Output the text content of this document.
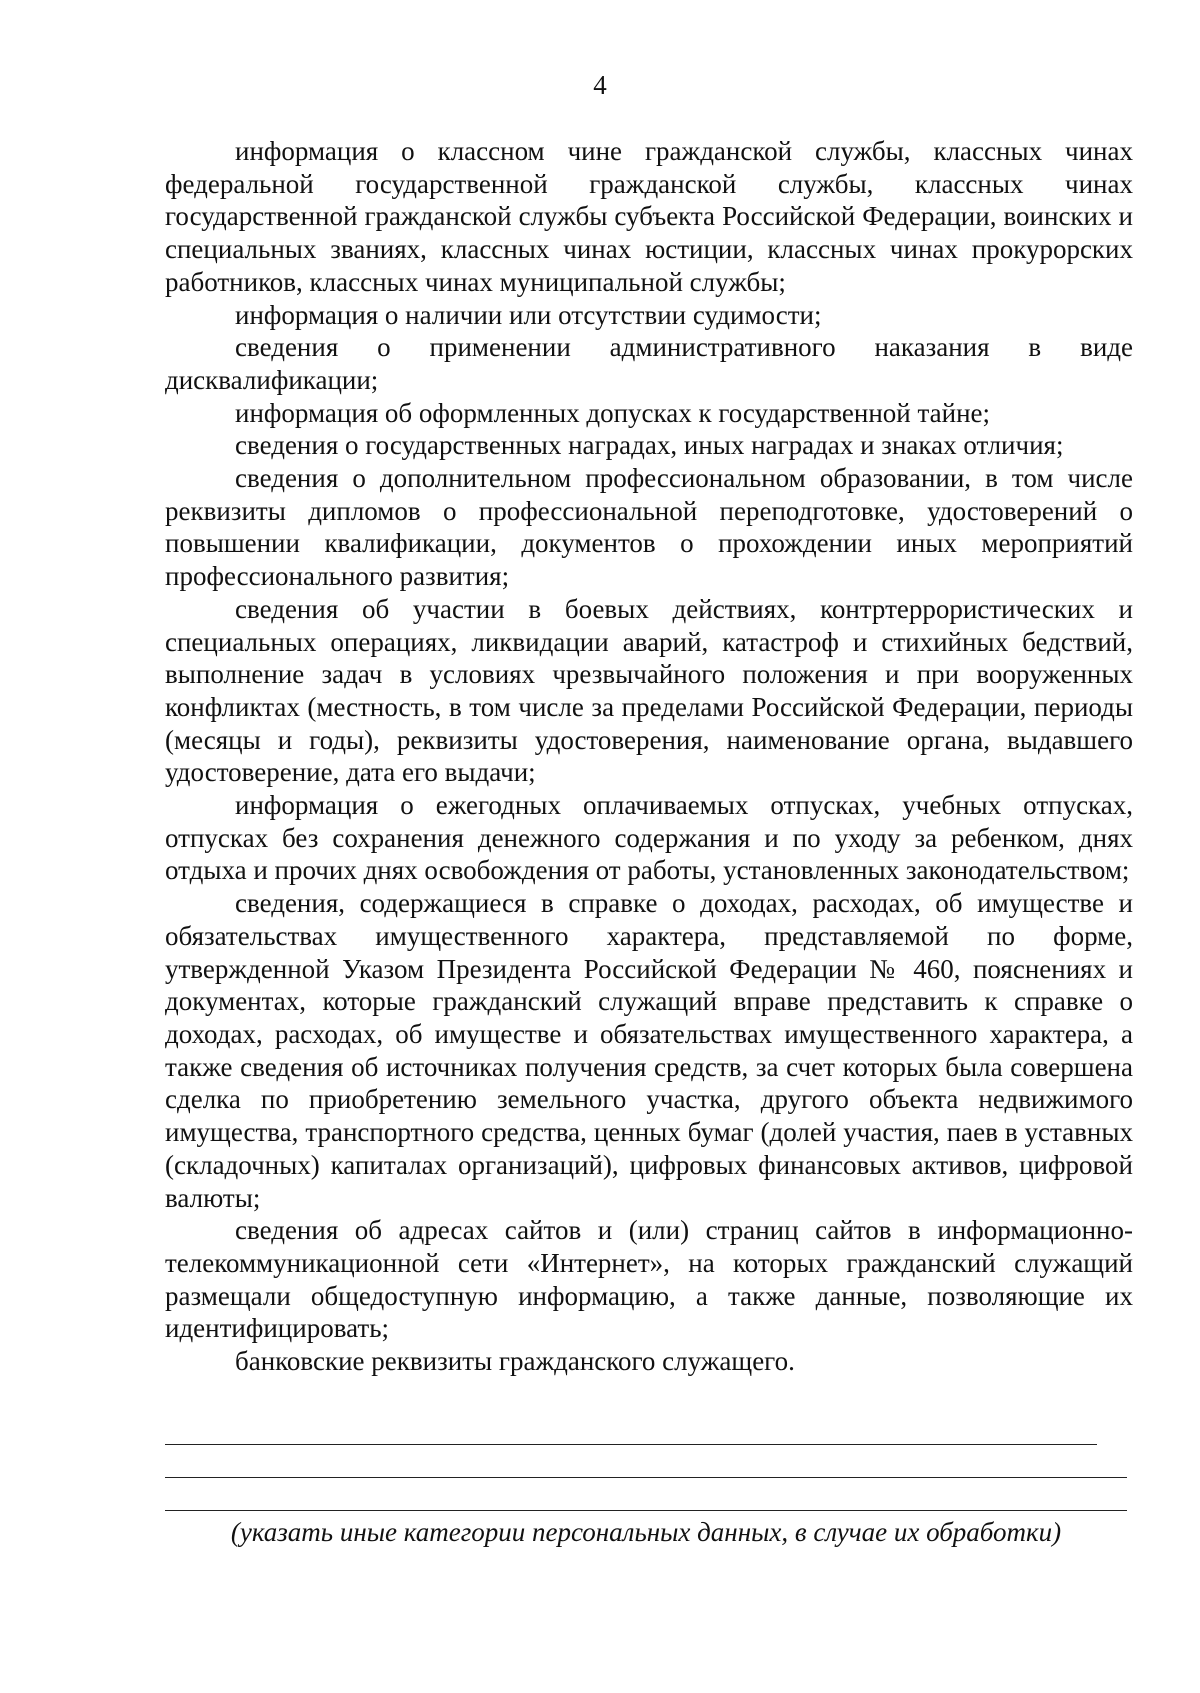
4

информация о классном чине гражданской службы, классных чинах федеральной государственной гражданской службы, классных чинах государственной гражданской службы субъекта Российской Федерации, воинских и специальных званиях, классных чинах юстиции, классных чинах прокурорских работников, классных чинах муниципальной службы;

информация о наличии или отсутствии судимости;

сведения о применении административного наказания в виде дисквалификации;

информация об оформленных допусках к государственной тайне;

сведения о государственных наградах, иных наградах и знаках отличия;

сведения о дополнительном профессиональном образовании, в том числе реквизиты дипломов о профессиональной переподготовке, удостоверений о повышении квалификации, документов о прохождении иных мероприятий профессионального развития;

сведения об участии в боевых действиях, контртеррористических и специальных операциях, ликвидации аварий, катастроф и стихийных бедствий, выполнение задач в условиях чрезвычайного положения и при вооруженных конфликтах (местность, в том числе за пределами Российской Федерации, периоды (месяцы и годы), реквизиты удостоверения, наименование органа, выдавшего удостоверение, дата его выдачи;

информация о ежегодных оплачиваемых отпусках, учебных отпусках, отпусках без сохранения денежного содержания и по уходу за ребенком, днях отдыха и прочих днях освобождения от работы, установленных законодательством;

сведения, содержащиеся в справке о доходах, расходах, об имуществе и обязательствах имущественного характера, представляемой по форме, утвержденной Указом Президента Российской Федерации № 460, пояснениях и документах, которые гражданский служащий вправе представить к справке о доходах, расходах, об имуществе и обязательствах имущественного характера, а также сведения об источниках получения средств, за счет которых была совершена сделка по приобретению земельного участка, другого объекта недвижимого имущества, транспортного средства, ценных бумаг (долей участия, паев в уставных (складочных) капиталах организаций), цифровых финансовых активов, цифровой валюты;

сведения об адресах сайтов и (или) страниц сайтов в информационно-телекоммуникационной сети «Интернет», на которых гражданский служащий размещали общедоступную информацию, а также данные, позволяющие их идентифицировать;

банковские реквизиты гражданского служащего.

(указать иные категории персональных данных, в случае их обработки)
